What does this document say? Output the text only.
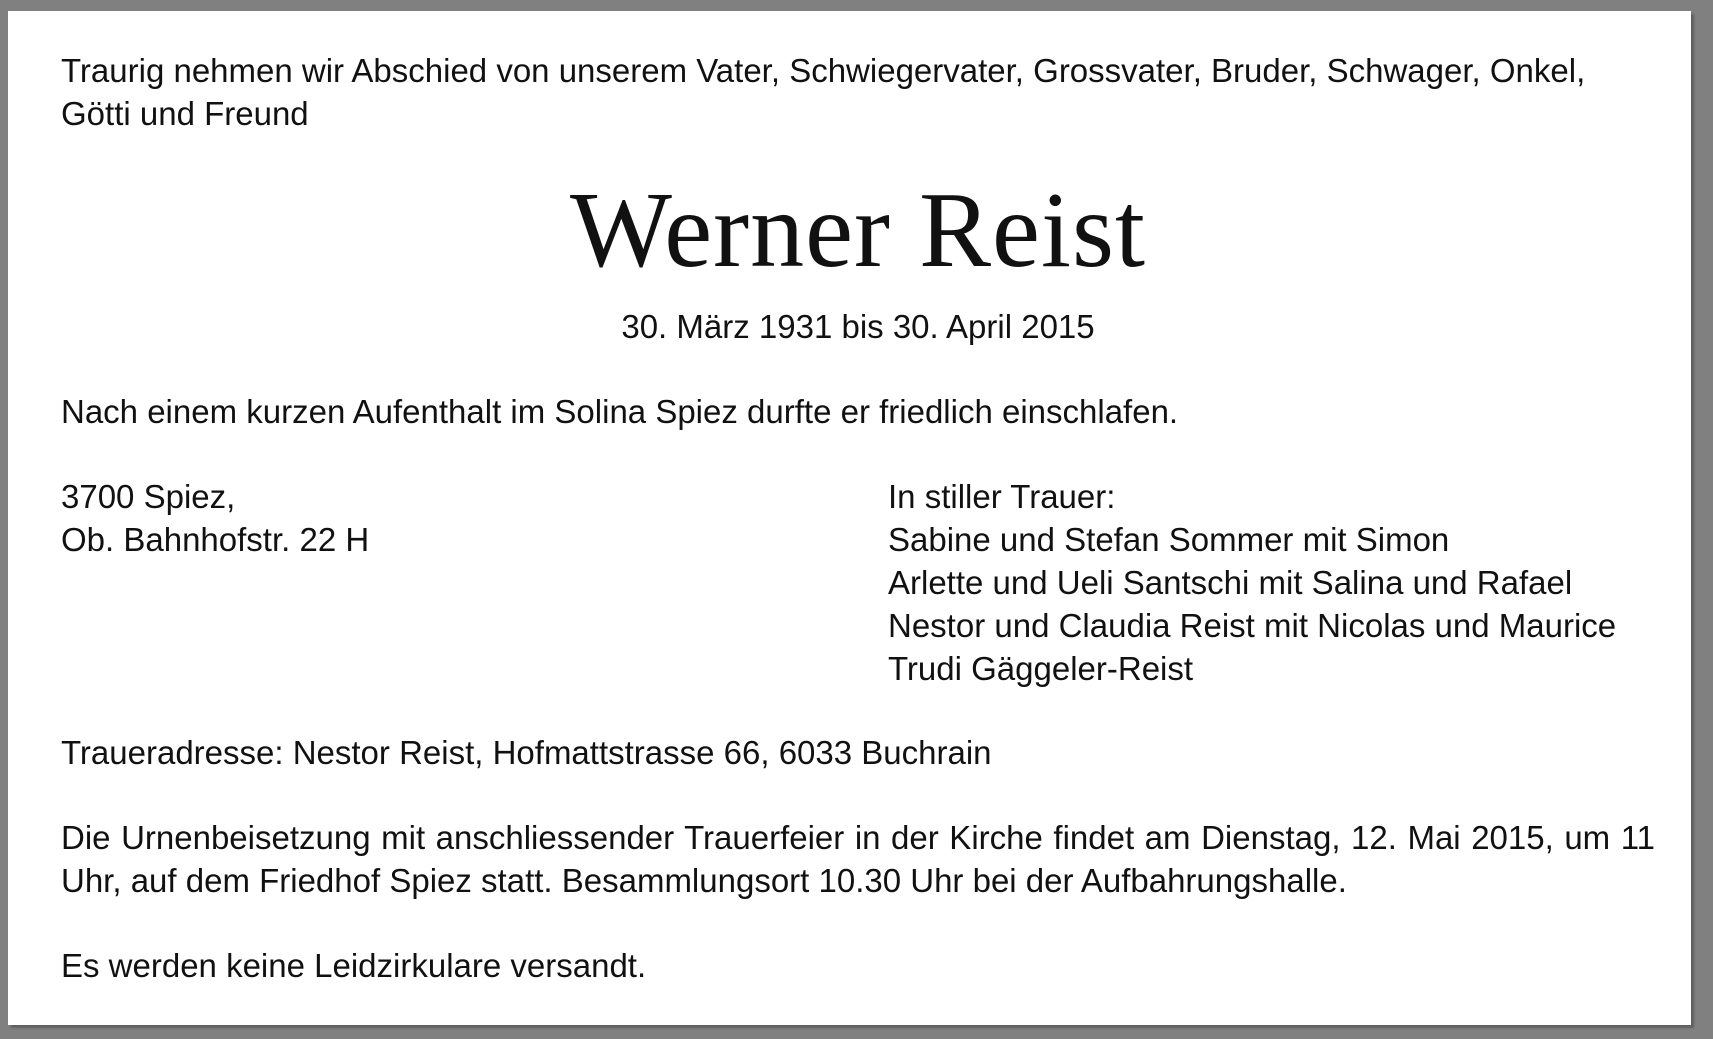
Traurig nehmen wir Abschied von unserem Vater, Schwiegervater, Grossvater, Bruder, Schwager, Onkel, Götti und Freund

Werner Reist

30. März 1931 bis 30. April 2015

Nach einem kurzen Aufenthalt im Solina Spiez durfte er friedlich einschlafen.

3700 Spiez,

Ob. Bahnhofstr. 22 H

In stiller Trauer:

Sabine und Stefan Sommer mit Simon

Arlette und Ueli Santschi mit Salina und Rafael

Nestor und Claudia Reist mit Nicolas und Maurice

Trudi Gäggeler-Reist

Traueradresse: Nestor Reist, Hofmattstrasse 66, 6033 Buchrain

Die Urnenbeisetzung mit anschliessender Trauerfeier in der Kirche findet am Dienstag, 12. Mai 2015, um 11 Uhr, auf dem Friedhof Spiez statt. Besammlungsort 10.30 Uhr bei der Aufbahrungshalle.

Es werden keine Leidzirkulare versandt.
